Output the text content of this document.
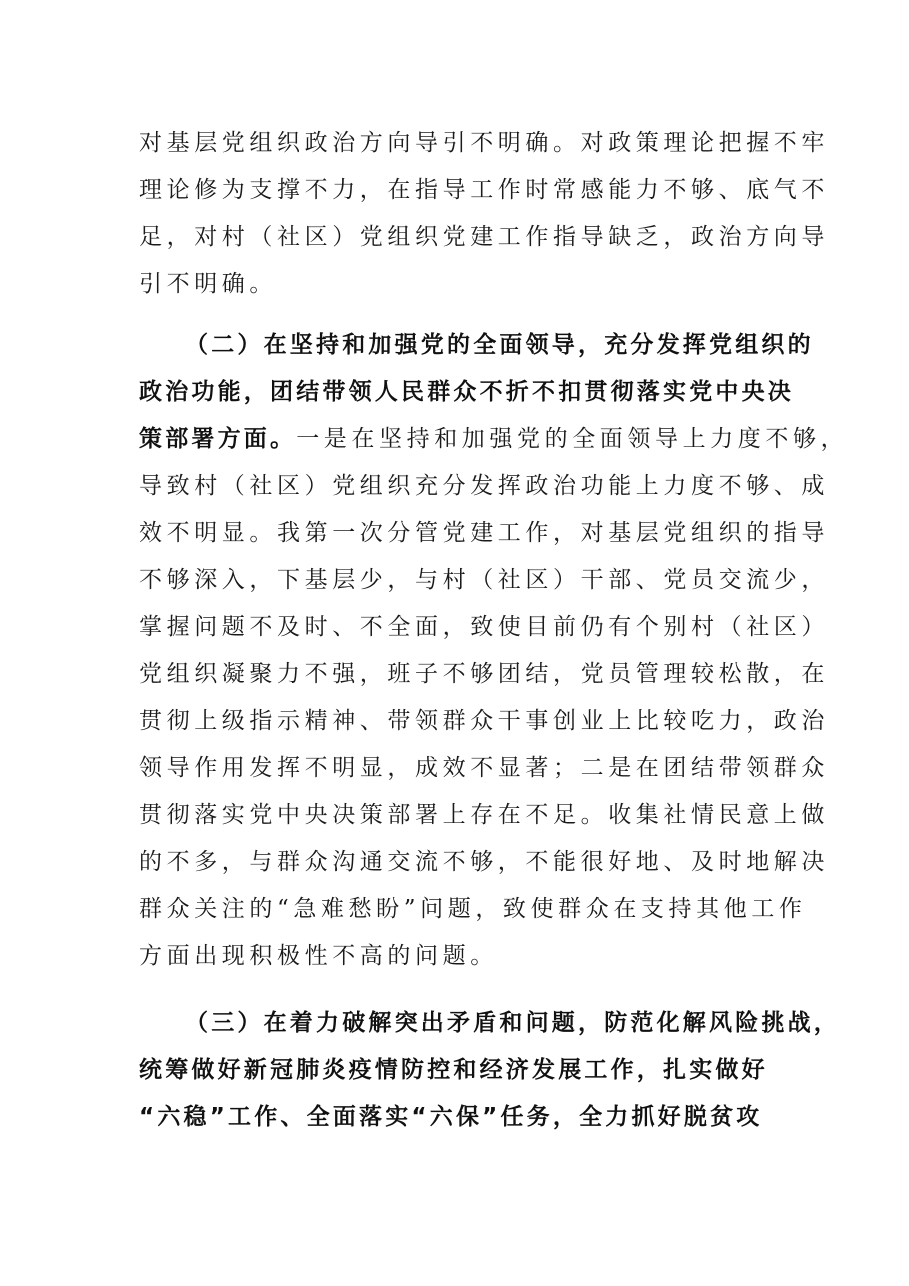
对基层党组织政治方向导引不明确。对政策理论把握不牢
理论修为支撑不力，在指导工作时常感能力不够、底气不
足，对村（社区）党组织党建工作指导缺乏，政治方向导
引不明确。
（二）在坚持和加强党的全面领导，充分发挥党组织的
政治功能，团结带领人民群众不折不扣贯彻落实党中央决
策部署方面。一是在坚持和加强党的全面领导上力度不够，
导致村（社区）党组织充分发挥政治功能上力度不够、成
效不明显。我第一次分管党建工作，对基层党组织的指导
不够深入，下基层少，与村（社区）干部、党员交流少，
掌握问题不及时、不全面，致使目前仍有个别村（社区）
党组织凝聚力不强，班子不够团结，党员管理较松散，在
贯彻上级指示精神、带领群众干事创业上比较吃力，政治
领导作用发挥不明显，成效不显著；二是在团结带领群众
贯彻落实党中央决策部署上存在不足。收集社情民意上做
的不多，与群众沟通交流不够，不能很好地、及时地解决
群众关注的“急难愁盼”问题，致使群众在支持其他工作
方面出现积极性不高的问题。
（三）在着力破解突出矛盾和问题，防范化解风险挑战，
统筹做好新冠肺炎疫情防控和经济发展工作，扎实做好
“六稳”工作、全面落实“六保”任务，全力抓好脱贫攻
